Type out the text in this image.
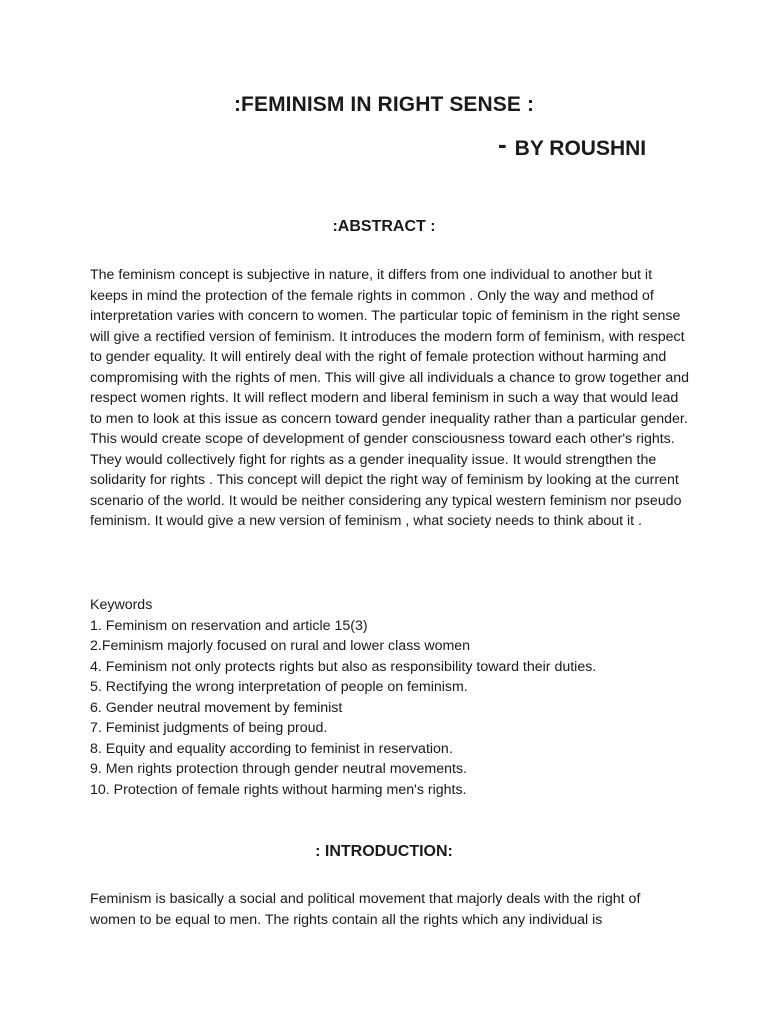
:FEMINISM IN RIGHT SENSE :
- BY ROUSHNI
:ABSTRACT :

The feminism concept is subjective in nature, it differs from one individual to another but it keeps in mind the protection of the female rights in common . Only the way and method of interpretation varies with concern to women. The particular topic of feminism in the right sense will give a rectified version of feminism. It introduces the modern form of feminism, with respect to gender equality. It will entirely deal with the right of female protection without harming and compromising with the rights of men. This will give all individuals a chance to grow together and respect women rights. It will reflect modern and liberal feminism in such a way that would lead to men to look at this issue as concern toward gender inequality rather than a particular gender. This would create scope of development of gender consciousness toward each other's rights. They would collectively fight for rights as a gender inequality issue. It would strengthen the solidarity for rights . This concept will depict the right way of feminism by looking at the current scenario of the world. It would be neither considering any typical western feminism nor pseudo feminism. It would give a new version of feminism , what society needs to think about it .

Keywords
1. Feminism on reservation and article 15(3)
2.Feminism majorly focused on rural and lower class women
4. Feminism not only protects rights but also as responsibility toward their duties.
5. Rectifying the wrong interpretation of people on feminism.
6. Gender neutral movement by feminist
7. Feminist judgments of being proud.
8. Equity and equality according to feminist in reservation.
9. Men rights protection through gender neutral movements.
10. Protection of female rights without harming men's rights.
: INTRODUCTION:

Feminism is basically a social and political movement that majorly deals with the right of women to be equal to men. The rights contain all the rights which any individual is
